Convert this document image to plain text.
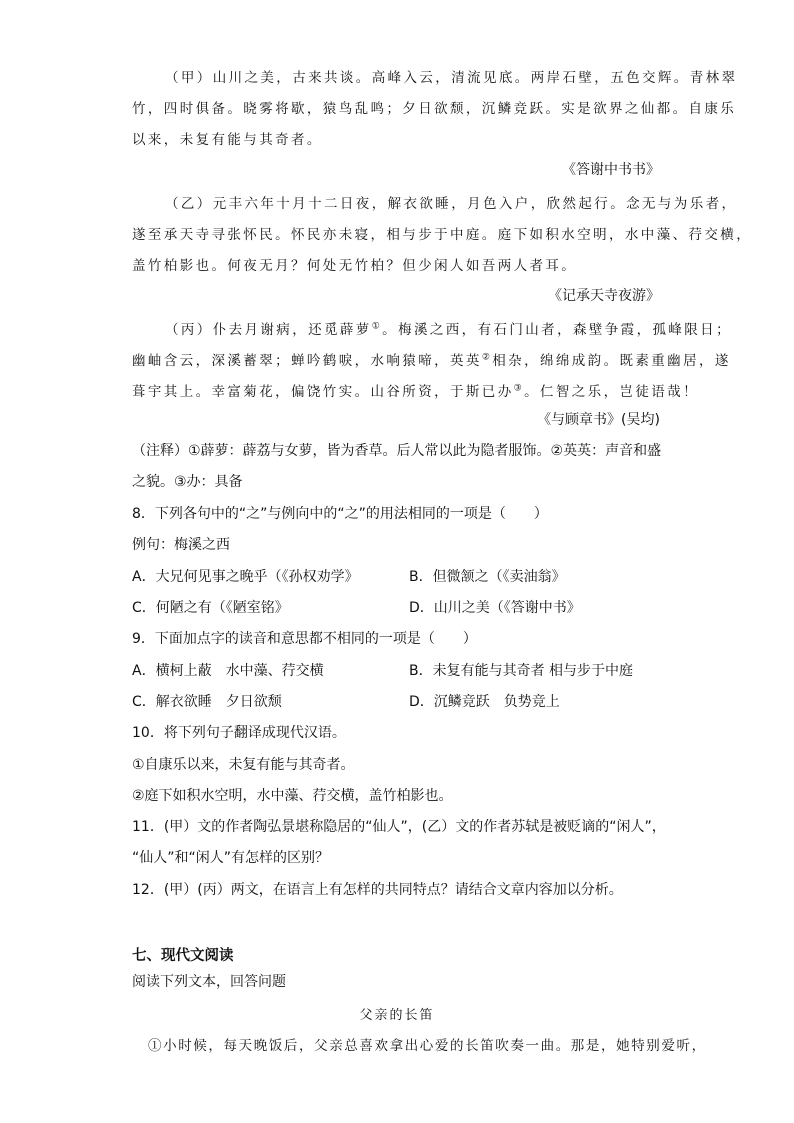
（甲）山川之美，古来共谈。高峰入云，清流见底。两岸石壁，五色交辉。青林翠
竹，四时俱备。晓雾将歇，猿鸟乱鸣；夕日欲颓，沉鳞竞跃。实是欲界之仙都。自康乐
以来，未复有能与其奇者。
《答谢中书书》
（乙）元丰六年十月十二日夜，解衣欲睡，月色入户，欣然起行。念无与为乐者，
遂至承天寺寻张怀民。怀民亦未寝，相与步于中庭。庭下如积水空明，水中藻、荇交横，
盖竹柏影也。何夜无月？何处无竹柏？但少闲人如吾两人者耳。
《记承天寺夜游》
（丙）仆去月谢病，还觅薜萝①。梅溪之西，有石门山者，森壁争霞，孤峰限日；
幽岫含云，深溪蓄翠；蝉吟鹤唳，水响猿啼，英英②相杂，绵绵成韵。既素重幽居，遂
葺宇其上。幸富菊花，偏饶竹实。山谷所资，于斯已办③。仁智之乐，岂徒语哉！
《与顾章书》(吴均)
（注释）①薜萝：薜荔与女萝，皆为香草。后人常以此为隐者服饰。②英英：声音和盛
之貌。③办：具备
8．下列各句中的“之”与例向中的“之”的用法相同的一项是（　　）
例句：梅溪之西
A．大兄何见事之晚乎（《孙权劝学》	B．但微颔之（《卖油翁》
C．何陋之有（《陋室铭》	D．山川之美（《答谢中书》
9．下面加点字的读音和意思都不相同的一项是（　　）
A．横柯上蔽　水中藻、荇交横	B．未复有能与其奇者 相与步于中庭
C．解衣欲睡　夕日欲颓	D．沉鳞竞跃　负势竞上
10．将下列句子翻译成现代汉语。
①自康乐以来，未复有能与其奇者。
②庭下如积水空明，水中藻、荇交横，盖竹柏影也。
11．(甲）文的作者陶弘景堪称隐居的“仙人”，(乙）文的作者苏轼是被贬谪的“闲人”，
“仙人”和“闲人”有怎样的区别？
12．(甲）(丙）两文，在语言上有怎样的共同特点？请结合文章内容加以分析。
七、现代文阅读
阅读下列文本，回答问题
父亲的长笛
①小时候，每天晚饭后，父亲总喜欢拿出心爱的长笛吹奏一曲。那是，她特别爱听，
